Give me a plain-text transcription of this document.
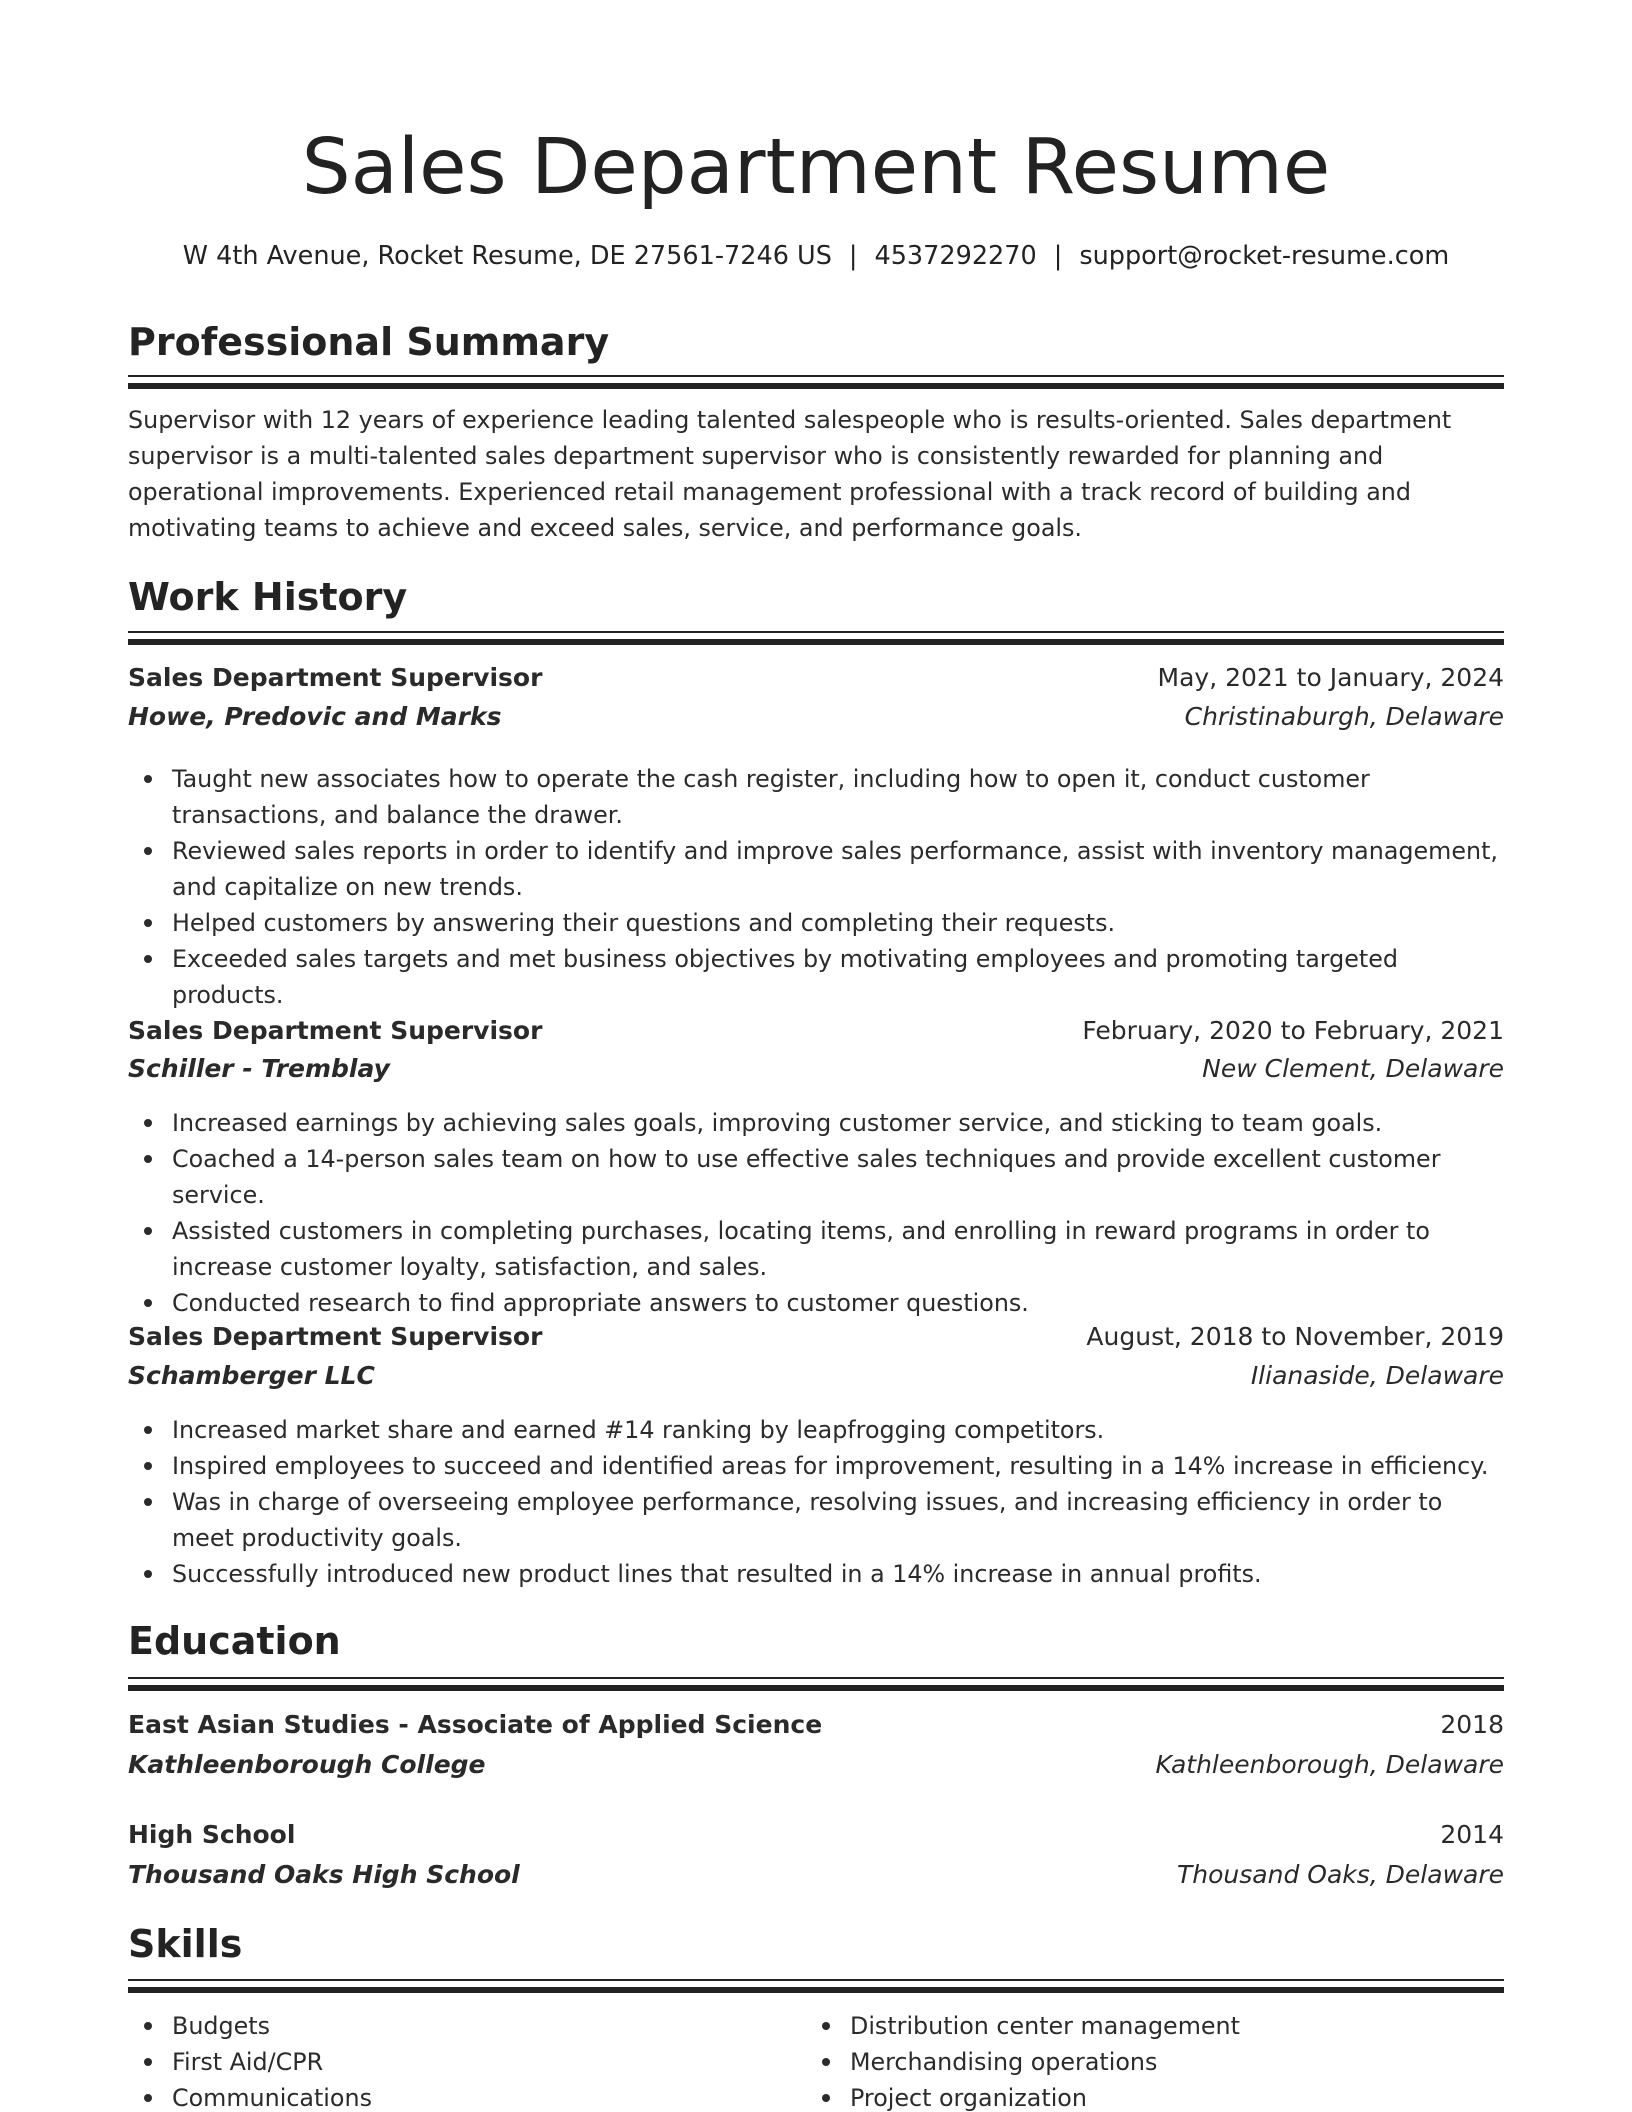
Sales Department Resume
W 4th Avenue, Rocket Resume, DE 27561-7246 US | 4537292270 | support@rocket-resume.com
Professional Summary

Supervisor with 12 years of experience leading talented salespeople who is results-oriented. Sales department supervisor is a multi-talented sales department supervisor who is consistently rewarded for planning and operational improvements. Experienced retail management professional with a track record of building and motivating teams to achieve and exceed sales, service, and performance goals.

Work History
Sales Department Supervisor	May, 2021 to January, 2024
Howe, Predovic and Marks	Christinaburgh, Delaware
Taught new associates how to operate the cash register, including how to open it, conduct customer transactions, and balance the drawer.
Reviewed sales reports in order to identify and improve sales performance, assist with inventory management, and capitalize on new trends.
Helped customers by answering their questions and completing their requests.
Exceeded sales targets and met business objectives by motivating employees and promoting targeted products.
Sales Department Supervisor	February, 2020 to February, 2021
Schiller - Tremblay	New Clement, Delaware
Increased earnings by achieving sales goals, improving customer service, and sticking to team goals.
Coached a 14-person sales team on how to use effective sales techniques and provide excellent customer service.
Assisted customers in completing purchases, locating items, and enrolling in reward programs in order to increase customer loyalty, satisfaction, and sales.
Conducted research to find appropriate answers to customer questions.
Sales Department Supervisor	August, 2018 to November, 2019
Schamberger LLC	Ilianaside, Delaware
Increased market share and earned #14 ranking by leapfrogging competitors.
Inspired employees to succeed and identified areas for improvement, resulting in a 14% increase in efficiency.
Was in charge of overseeing employee performance, resolving issues, and increasing efficiency in order to meet productivity goals.
Successfully introduced new product lines that resulted in a 14% increase in annual profits.
Education
East Asian Studies - Associate of Applied Science	2018
Kathleenborough College	Kathleenborough, Delaware
High School	2014
Thousand Oaks High School	Thousand Oaks, Delaware
Skills
Budgets
First Aid/CPR
Communications
Distribution center management
Merchandising operations
Project organization
